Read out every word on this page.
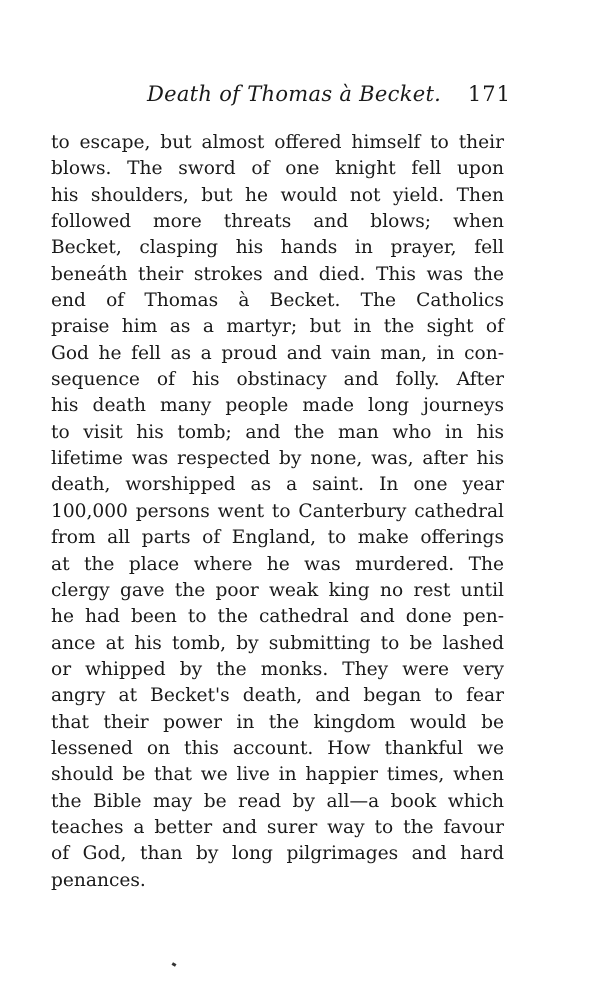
Death of Thomas à Becket. 171
to escape, but almost offered himself to their
blows. The sword of one knight fell upon
his shoulders, but he would not yield. Then
followed more threats and blows; when
Becket, clasping his hands in prayer, fell
beneáth their strokes and died. This was the
end of Thomas à Becket. The Catholics
praise him as a martyr; but in the sight of
God he fell as a proud and vain man, in con-
sequence of his obstinacy and folly. After
his death many people made long journeys
to visit his tomb; and the man who in his
lifetime was respected by none, was, after his
death, worshipped as a saint. In one year
100,000 persons went to Canterbury cathedral
from all parts of England, to make offerings
at the place where he was murdered. The
clergy gave the poor weak king no rest until
he had been to the cathedral and done pen-
ance at his tomb, by submitting to be lashed
or whipped by the monks. They were very
angry at Becket's death, and began to fear
that their power in the kingdom would be
lessened on this account. How thankful we
should be that we live in happier times, when
the Bible may be read by all—a book which
teaches a better and surer way to the favour
of God, than by long pilgrimages and hard
penances.
